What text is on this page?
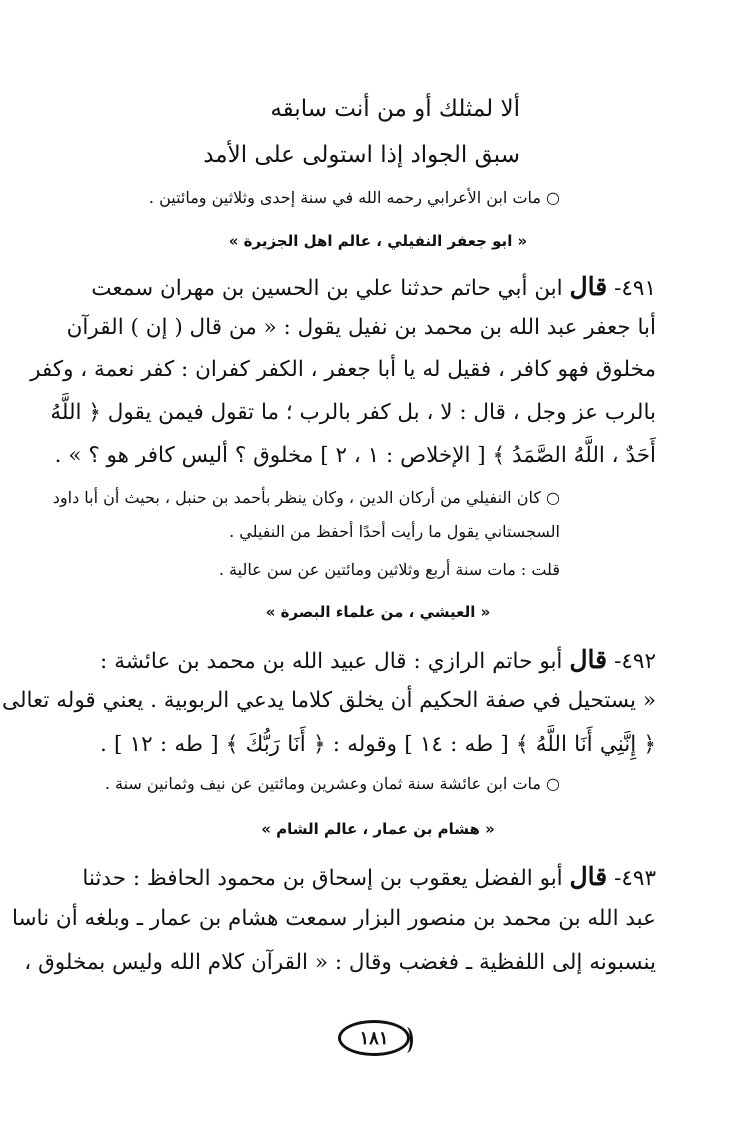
ألا لمثلك أو من أنت سابقه
سبق الجواد إذا استولى على الأمد
○ مات ابن الأعرابي رحمه الله في سنة إحدى وثلاثين ومائتين .
« ابو جعفر النفيلي ، عالم اهل الجزيرة »
٤٩١- قال ابن أبي حاتم حدثنا علي بن الحسين بن مهران سمعت
أبا جعفر عبد الله بن محمد بن نفيل يقول : « من قال ( إن ) القرآن
مخلوق فهو كافر ، فقيل له يا أبا جعفر ، الكفر كفران : كفر نعمة ، وكفر
بالرب عز وجل ، قال : لا ، بل كفر بالرب ؛ ما تقول فيمن يقول ﴿ اللَّهُ
أَحَدٌ ، اللَّهُ الصَّمَدُ ﴾ [ الإخلاص : ١ ، ٢ ] مخلوق ؟ أليس كافر هو ؟ » .
○ كان النفيلي من أركان الدين ، وكان ينظر بأحمد بن حنبل ، بحيث أن أبا داود
السجستاني يقول ما رأيت أحدًا أحفظ من النفيلي .
قلت : مات سنة أربع وثلاثين ومائتين عن سن عالية .
« العيشي ، من علماء البصرة »
٤٩٢- قال أبو حاتم الرازي : قال عبيد الله بن محمد بن عائشة :
« يستحيل في صفة الحكيم أن يخلق كلاما يدعي الربوبية . يعني قوله تعالى
﴿ إِنَّنِي أَنَا اللَّهُ ﴾ [ طه : ١٤ ] وقوله : ﴿ أَنَا رَبُّكَ ﴾ [ طه : ١٢ ] .
○ مات ابن عائشة سنة ثمان وعشرين ومائتين عن نيف وثمانين سنة .
« هشام بن عمار ، عالم الشام »
٤٩٣- قال أبو الفضل يعقوب بن إسحاق بن محمود الحافظ : حدثنا
عبد الله بن محمد بن منصور البزار سمعت هشام بن عمار ـ وبلغه أن ناسا
ينسبونه إلى اللفظية ـ فغضب وقال : « القرآن كلام الله وليس بمخلوق ،
١٨١
